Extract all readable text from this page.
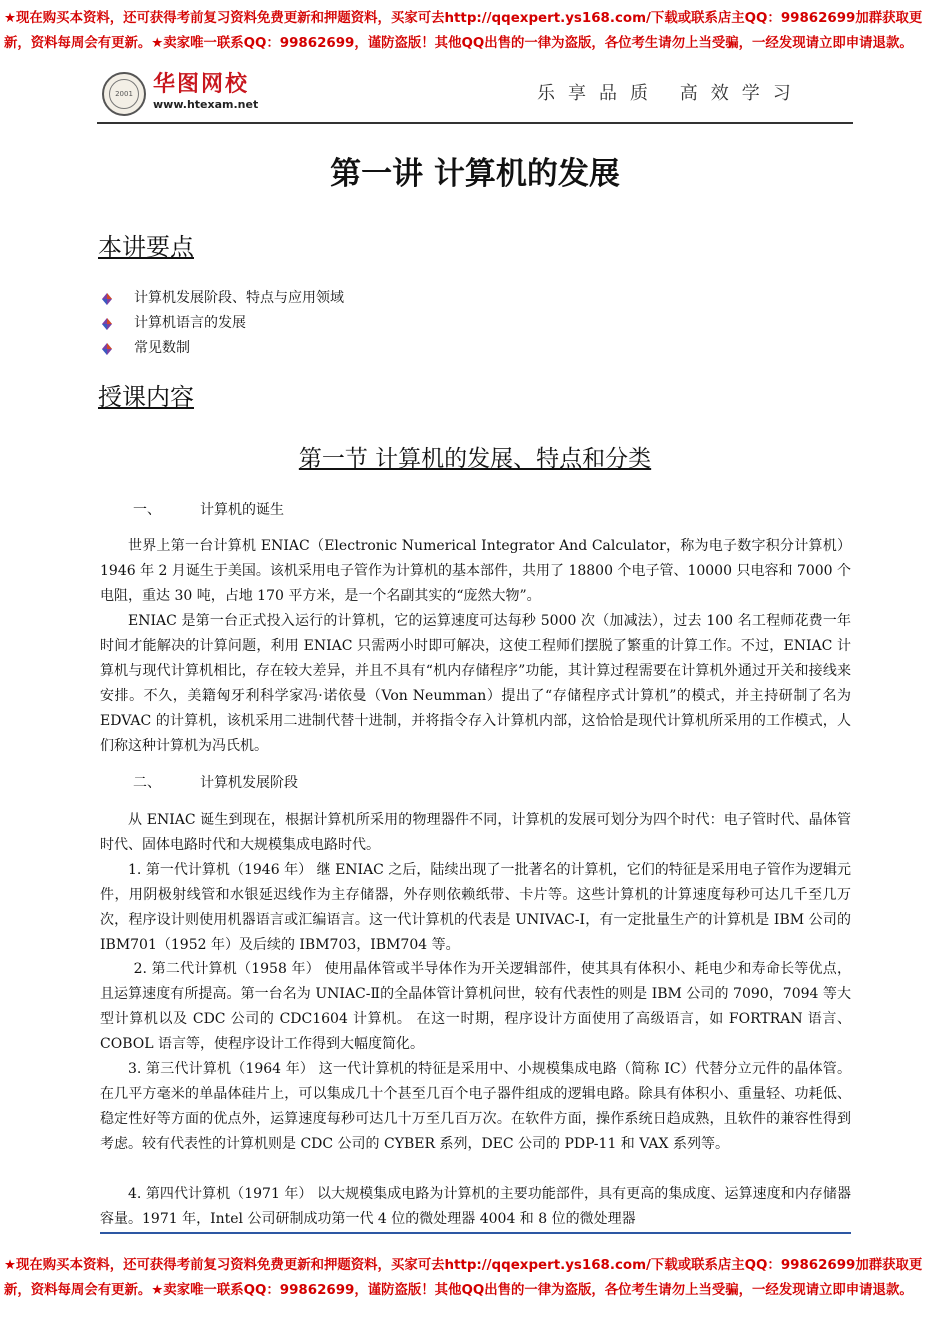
★现在购买本资料，还可获得考前复习资料免费更新和押题资料，买家可去http://qqexpert.ys168.com/下载或联系店主QQ：99862699加群获取更
新，资料每周会有更新。★卖家唯一联系QQ：99862699，谨防盗版！其他QQ出售的一律为盗版，各位考生请勿上当受骗，一经发现请立即申请退款。
2001 华图网校
www.htexam.net
乐享品质 高效学习
第一讲 计算机的发展
本讲要点
计算机发展阶段、特点与应用领域
计算机语言的发展
常见数制
授课内容
第一节 计算机的发展、特点和分类
一、	计算机的诞生

世界上第一台计算机 ENIAC（Electronic Numerical Integrator And Calculator，称为电子数字积分计算机）1946 年 2 月诞生于美国。该机采用电子管作为计算机的基本部件，共用了 18800 个电子管、10000 只电容和 7000 个电阻，重达 30 吨，占地 170 平方米，是一个名副其实的“庞然大物”。

ENIAC 是第一台正式投入运行的计算机，它的运算速度可达每秒 5000 次（加减法），过去 100 名工程师花费一年时间才能解决的计算问题，利用 ENIAC 只需两小时即可解决，这使工程师们摆脱了繁重的计算工作。不过，ENIAC 计算机与现代计算机相比，存在较大差异，并且不具有“机内存储程序”功能，其计算过程需要在计算机外通过开关和接线来安排。不久，美籍匈牙利科学家冯·诺依曼（Von Neumman）提出了“存储程序式计算机”的模式，并主持研制了名为 EDVAC 的计算机，该机采用二进制代替十进制，并将指令存入计算机内部，这恰恰是现代计算机所采用的工作模式，人们称这种计算机为冯氏机。

二、	计算机发展阶段

从 ENIAC 诞生到现在，根据计算机所采用的物理器件不同，计算机的发展可划分为四个时代：电子管时代、晶体管时代、固体电路时代和大规模集成电路时代。

1. 第一代计算机（1946 年） 继 ENIAC 之后，陆续出现了一批著名的计算机，它们的特征是采用电子管作为逻辑元件，用阴极射线管和水银延迟线作为主存储器，外存则依赖纸带、卡片等。这些计算机的计算速度每秒可达几千至几万次，程序设计则使用机器语言或汇编语言。这一代计算机的代表是 UNIVAC-I，有一定批量生产的计算机是 IBM 公司的 IBM701（1952 年）及后续的 IBM703，IBM704 等。

2. 第二代计算机（1958 年） 使用晶体管或半导体作为开关逻辑部件，使其具有体积小、耗电少和寿命长等优点，且运算速度有所提高。第一台名为 UNIAC-Ⅱ的全晶体管计算机问世，较有代表性的则是 IBM 公司的 7090，7094 等大型计算机以及 CDC 公司的 CDC1604 计算机。 在这一时期，程序设计方面使用了高级语言，如 FORTRAN 语言、COBOL 语言等，使程序设计工作得到大幅度简化。

3. 第三代计算机（1964 年） 这一代计算机的特征是采用中、小规模集成电路（简称 IC）代替分立元件的晶体管。在几平方毫米的单晶体硅片上，可以集成几十个甚至几百个电子器件组成的逻辑电路。除具有体积小、重量轻、功耗低、稳定性好等方面的优点外，运算速度每秒可达几十万至几百万次。在软件方面，操作系统日趋成熟，且软件的兼容性得到考虑。较有代表性的计算机则是 CDC 公司的 CYBER 系列，DEC 公司的 PDP-11 和 VAX 系列等。

4. 第四代计算机（1971 年） 以大规模集成电路为计算机的主要功能部件，具有更高的集成度、运算速度和内存储器容量。1971 年，Intel 公司研制成功第一代 4 位的微处理器 4004 和 8 位的微处理器

★现在购买本资料，还可获得考前复习资料免费更新和押题资料，买家可去http://qqexpert.ys168.com/下载或联系店主QQ：99862699加群获取更
新，资料每周会有更新。★卖家唯一联系QQ：99862699，谨防盗版！其他QQ出售的一律为盗版，各位考生请勿上当受骗，一经发现请立即申请退款。
